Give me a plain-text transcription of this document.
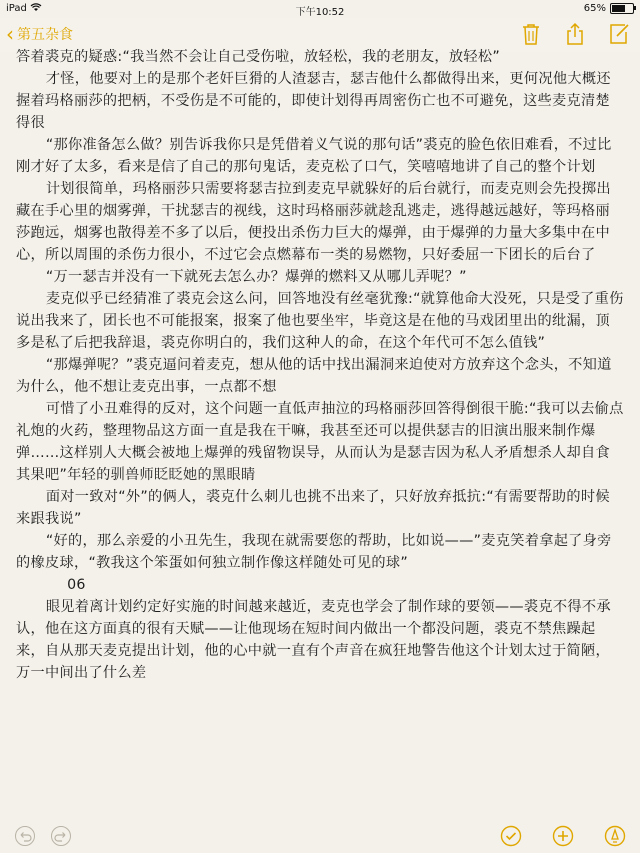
iPad	下午10:52	65%
‹ 第五杂食

答着裘克的疑惑:“我当然不会让自己受伤啦，放轻松，我的老朋友，放轻松”

才怪，他要对上的是那个老奸巨猾的人渣瑟吉，瑟吉他什么都做得出来，更何况他大概还握着玛格丽莎的把柄，不受伤是不可能的，即使计划得再周密伤亡也不可避免，这些麦克清楚得很

“那你准备怎么做？别告诉我你只是凭借着义气说的那句话”裘克的脸色依旧难看，不过比刚才好了太多，看来是信了自己的那句鬼话，麦克松了口气，笑嘻嘻地讲了自己的整个计划

计划很简单，玛格丽莎只需要将瑟吉拉到麦克早就躲好的后台就行，而麦克则会先投掷出藏在手心里的烟雾弹，干扰瑟吉的视线，这时玛格丽莎就趁乱逃走，逃得越远越好，等玛格丽莎跑远，烟雾也散得差不多了以后，便投出杀伤力巨大的爆弹，由于爆弹的力量大多集中在中心，所以周围的杀伤力很小，不过它会点燃幕布一类的易燃物，只好委屈一下团长的后台了

“万一瑟吉并没有一下就死去怎么办？爆弹的燃料又从哪儿弄呢？”

麦克似乎已经猜准了裘克会这么问，回答地没有丝毫犹豫:“就算他命大没死，只是受了重伤说出我来了，团长也不可能报案，报案了他也要坐牢，毕竟这是在他的马戏团里出的纰漏，顶多是私了后把我辞退，裘克你明白的，我们这种人的命，在这个年代可不怎么值钱”

“那爆弹呢？”裘克逼问着麦克，想从他的话中找出漏洞来迫使对方放弃这个念头，不知道为什么，他不想让麦克出事，一点都不想

可惜了小丑难得的反对，这个问题一直低声抽泣的玛格丽莎回答得倒很干脆:“我可以去偷点礼炮的火药，整理物品这方面一直是我在干嘛，我甚至还可以提供瑟吉的旧演出服来制作爆弹……这样别人大概会被地上爆弹的残留物误导，从而认为是瑟吉因为私人矛盾想杀人却自食其果吧”年轻的驯兽师眨眨她的黑眼睛

面对一致对“外”的俩人，裘克什么刺儿也挑不出来了，只好放弃抵抗:“有需要帮助的时候来跟我说”

“好的，那么亲爱的小丑先生，我现在就需要您的帮助，比如说——”麦克笑着拿起了身旁的橡皮球，“教我这个笨蛋如何独立制作像这样随处可见的球”

06

眼见着离计划约定好实施的时间越来越近，麦克也学会了制作球的要领——裘克不得不承认，他在这方面真的很有天赋——让他现场在短时间内做出一个都没问题，裘克不禁焦躁起来，自从那天麦克提出计划，他的心中就一直有个声音在疯狂地警告他这个计划太过于简陋，万一中间出了什么差
